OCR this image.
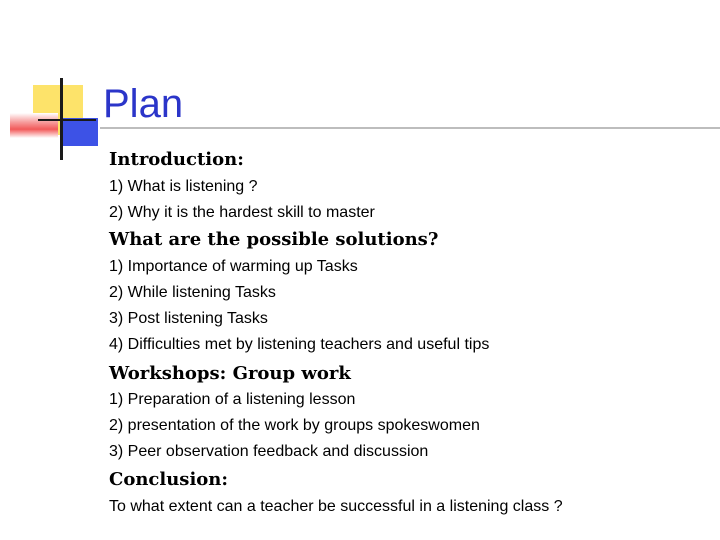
Plan
Introduction:
1) What is listening ?
2) Why it is the hardest skill to master
What are the possible solutions?
1) Importance of warming up Tasks
2) While listening Tasks
3) Post listening Tasks
4) Difficulties met by listening teachers and useful tips
Workshops: Group work
1) Preparation of a listening lesson
2) presentation of the work by groups spokeswomen
3) Peer observation feedback and discussion
Conclusion:
To what extent can a teacher be successful in a listening class ?
